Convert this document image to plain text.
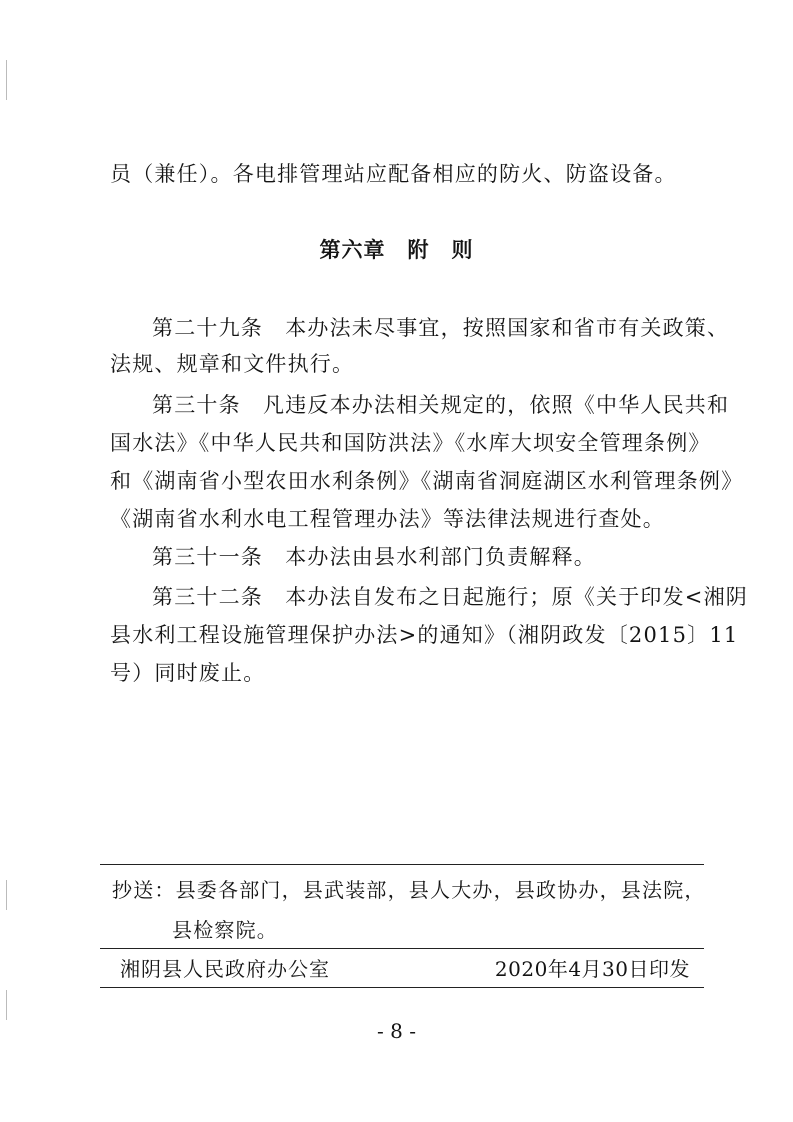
员（兼任）。各电排管理站应配备相应的防火、防盗设备。
第六章　附　则
第二十九条　本办法未尽事宜，按照国家和省市有关政策、
法规、规章和文件执行。
第三十条　凡违反本办法相关规定的，依照《中华人民共和
国水法》《中华人民共和国防洪法》《水库大坝安全管理条例》
和《湖南省小型农田水利条例》《湖南省洞庭湖区水利管理条例》
《湖南省水利水电工程管理办法》等法律法规进行查处。
第三十一条　本办法由县水利部门负责解释。
第三十二条　本办法自发布之日起施行；原《关于印发<湘阴
县水利工程设施管理保护办法>的通知》（湘阴政发〔2015〕11
号）同时废止。
抄送：县委各部门，县武装部，县人大办，县政协办，县法院，
县检察院。
湘阴县人民政府办公室	2020年4月30日印发
- 8 -
